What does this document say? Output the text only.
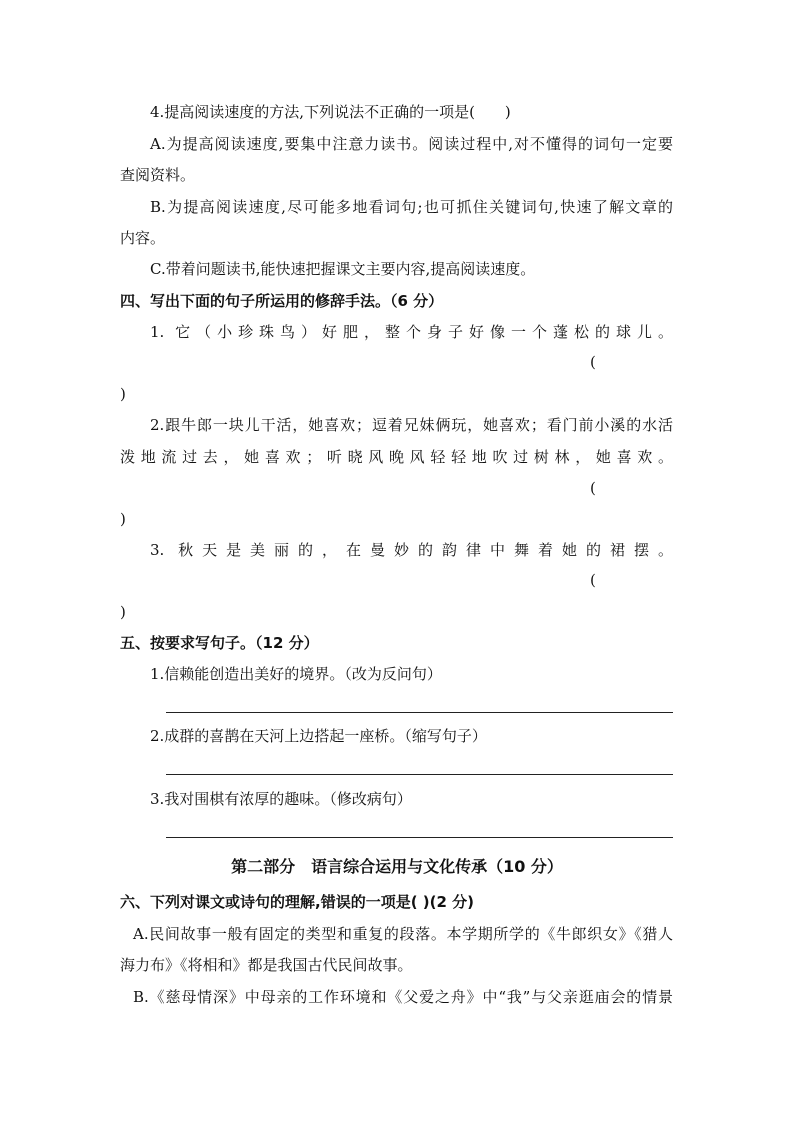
4.提高阅读速度的方法,下列说法不正确的一项是(　　)
A.为提高阅读速度,要集中注意力读书。阅读过程中,对不懂得的词句一定要
查阅资料。
B.为提高阅读速度,尽可能多地看词句;也可抓住关键词句,快速了解文章的
内容。
C.带着问题读书,能快速把握课文主要内容,提高阅读速度。
四、写出下面的句子所运用的修辞手法。（6 分）
1. 它（小珍珠鸟）好肥，整个身子好像一个蓬松的球儿。
(
)
2.跟牛郎一块儿干活，她喜欢；逗着兄妹俩玩，她喜欢；看门前小溪的水活
泼地流过去，她喜欢；听晓风晚风轻轻地吹过树林，她喜欢。
(
)
3. 秋天是美丽的，在曼妙的韵律中舞着她的裙摆。
(
)
五、按要求写句子。（12 分）
1.信赖能创造出美好的境界。（改为反问句）
2.成群的喜鹊在天河上边搭起一座桥。（缩写句子）
3.我对围棋有浓厚的趣味。（修改病句）
第二部分　语言综合运用与文化传承（10 分）
六、下列对课文或诗句的理解,错误的一项是( )(2 分)
A.民间故事一般有固定的类型和重复的段落。本学期所学的《牛郎织女》《猎人
海力布》《将相和》都是我国古代民间故事。
B.《慈母情深》中母亲的工作环境和《父爱之舟》中“我”与父亲逛庙会的情景
